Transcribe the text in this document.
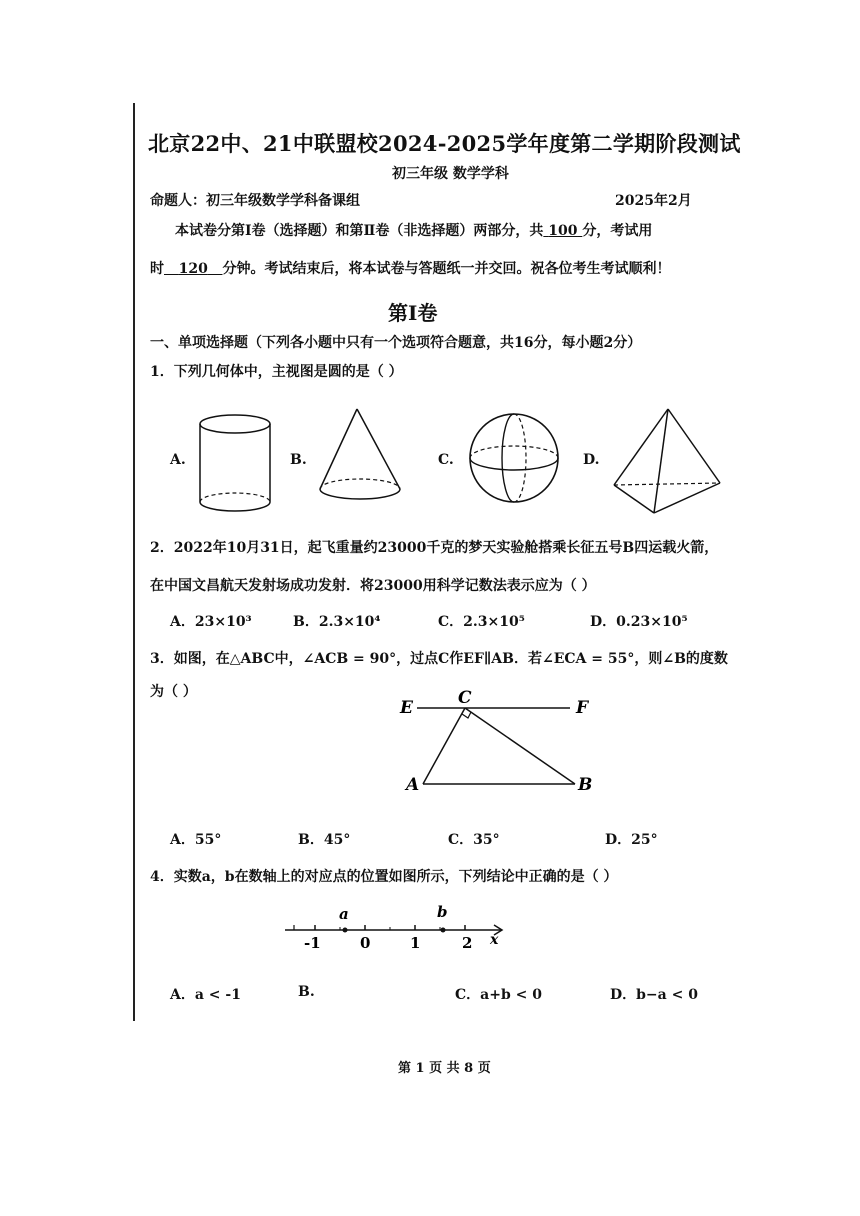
北京22中、21中联盟校2024-2025学年度第二学期阶段测试
初三年级 数学学科
命题人：初三年级数学学科备课组	2025年2月
本试卷分第Ⅰ卷（选择题）和第Ⅱ卷（非选择题）两部分，共 100 分，考试用
时 120 分钟。考试结束后，将本试卷与答题纸一并交回。祝各位考生考试顺利！
第Ⅰ卷
一、单项选择题（下列各小题中只有一个选项符合题意，共16分，每小题2分）
1．下列几何体中，主视图是圆的是（ ）
A.	B.	C.	D.
2．2022年10月31日，起飞重量约23000千克的梦天实验舱搭乘长征五号B四运载火箭，
在中国文昌航天发射场成功发射．将23000用科学记数法表示应为（ ）
A．23×10³	B．2.3×10⁴	C．2.3×10⁵	D．0.23×10⁵
3．如图，在△ABC中，∠ACB = 90°，过点C作EF∥AB．若∠ECA = 55°，则∠B的度数
为（ ）
E	C	F
A	B
A．55°	B．45°	C．35°	D．25°
4．实数a，b在数轴上的对应点的位置如图所示，下列结论中正确的是（ ）
a	b
-1	0	1	2 x
A．a < -1	B.	C．a+b < 0	D．b−a < 0
第 1 页 共 8 页
